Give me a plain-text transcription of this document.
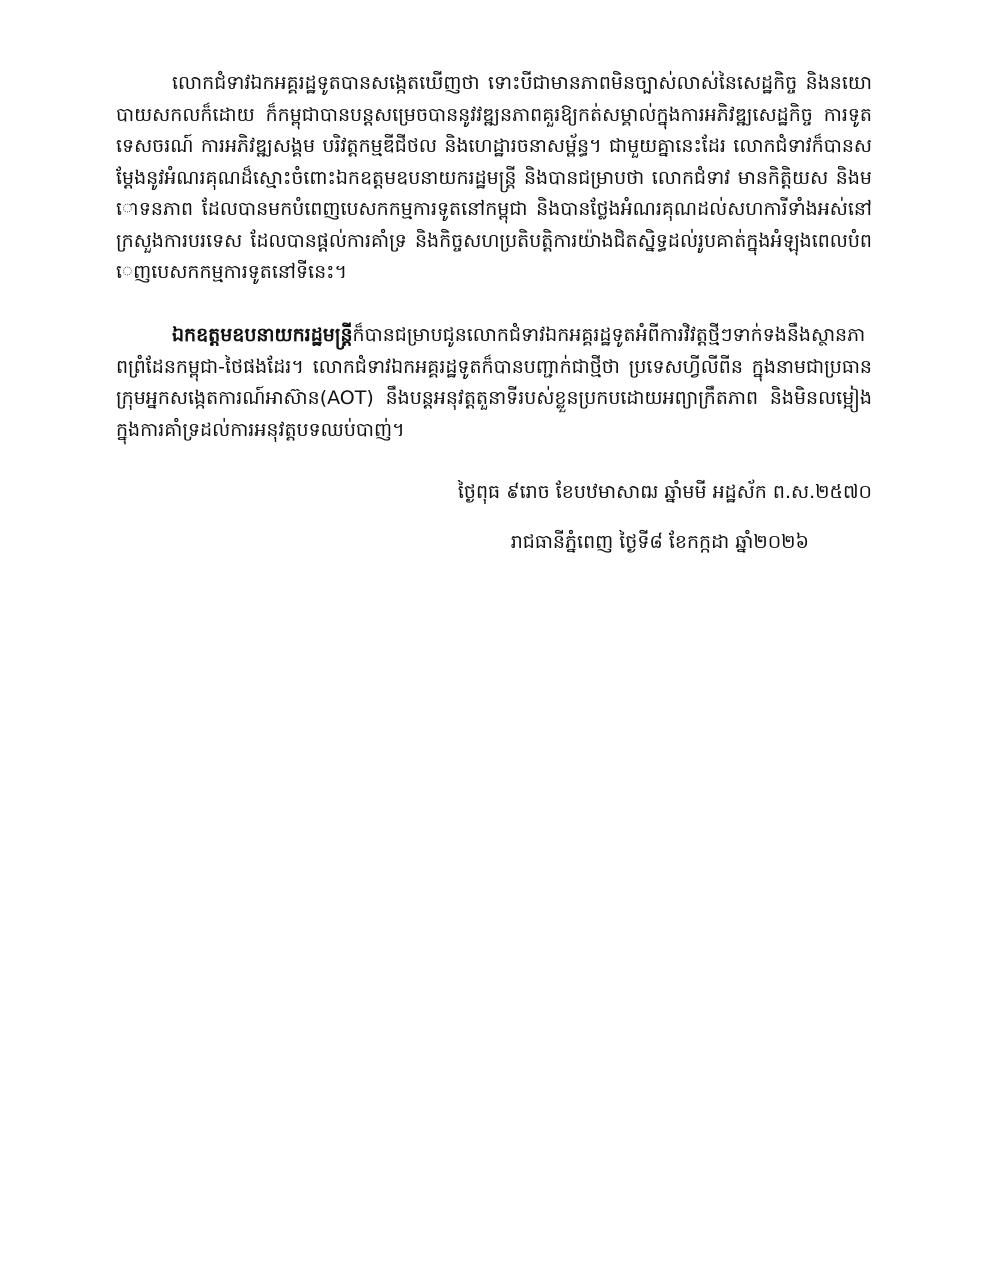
លោកជំទាវឯកអគ្គរដ្ឋទូតបានសង្កេតឃើញថា ទោះបីជាមានភាពមិនច្បាស់លាស់នៃសេដ្ឋកិច្ច និងនយោបាយសកលក៏ដោយ ក៏កម្ពុជាបានបន្តសម្រេចបាននូវវឌ្ឍនភាពគួរឱ្យកត់សម្គាល់ក្នុងការអភិវឌ្ឍសេដ្ឋកិច្ច ការទូត ទេសចរណ៍ ការអភិវឌ្ឍសង្គម បរិវត្តកម្មឌីជីថល និងហេដ្ឋារចនាសម្ព័ន្ធ។ ជាមួយគ្នានេះដែរ លោកជំទាវក៏បានសម្តែងនូវអំណរគុណដ៏ស្មោះចំពោះឯកឧត្តមឧបនាយករដ្ឋមន្ត្រី និងបានជម្រាបថា លោកជំទាវ មានកិត្តិយស និងមោទនភាព ដែលបានមកបំពេញបេសកកម្មការទូតនៅកម្ពុជា និងបានថ្លែងអំណរគុណដល់សហការីទាំងអស់នៅក្រសួងការបរទេស ដែលបានផ្តល់ការគាំទ្រ និងកិច្ចសហប្រតិបត្តិការយ៉ាងជិតស្និទ្ធដល់រូបគាត់ក្នុងអំឡុងពេលបំពេញបេសកកម្មការទូតនៅទីនេះ។

ឯកឧត្តមឧបនាយករដ្ឋមន្ត្រីក៏បានជម្រាបជូនលោកជំទាវឯកអគ្គរដ្ឋទូតអំពីការវិវត្តថ្មីៗទាក់ទងនឹងស្ថានភាពព្រំដែនកម្ពុជា-ថៃផងដែរ។ លោកជំទាវឯកអគ្គរដ្ឋទូតក៏បានបញ្ជាក់ជាថ្មីថា ប្រទេសហ្វីលីពីន ក្នុងនាមជាប្រធានក្រុមអ្នកសង្កេតការណ៍អាស៊ាន(AOT) នឹងបន្តអនុវត្តតួនាទីរបស់ខ្លួនប្រកបដោយអព្យាក្រឹតភាព និងមិនលម្អៀង ក្នុងការគាំទ្រដល់ការអនុវត្តបទឈប់បាញ់។

ថ្ងៃពុធ ៩រោច ខែបឋមាសាឍ ឆ្នាំមមី អដ្ឋស័ក ព.ស.២៥៧០
រាជធានីភ្នំពេញ ថ្ងៃទី៨ ខែកក្កដា ឆ្នាំ២០២៦
